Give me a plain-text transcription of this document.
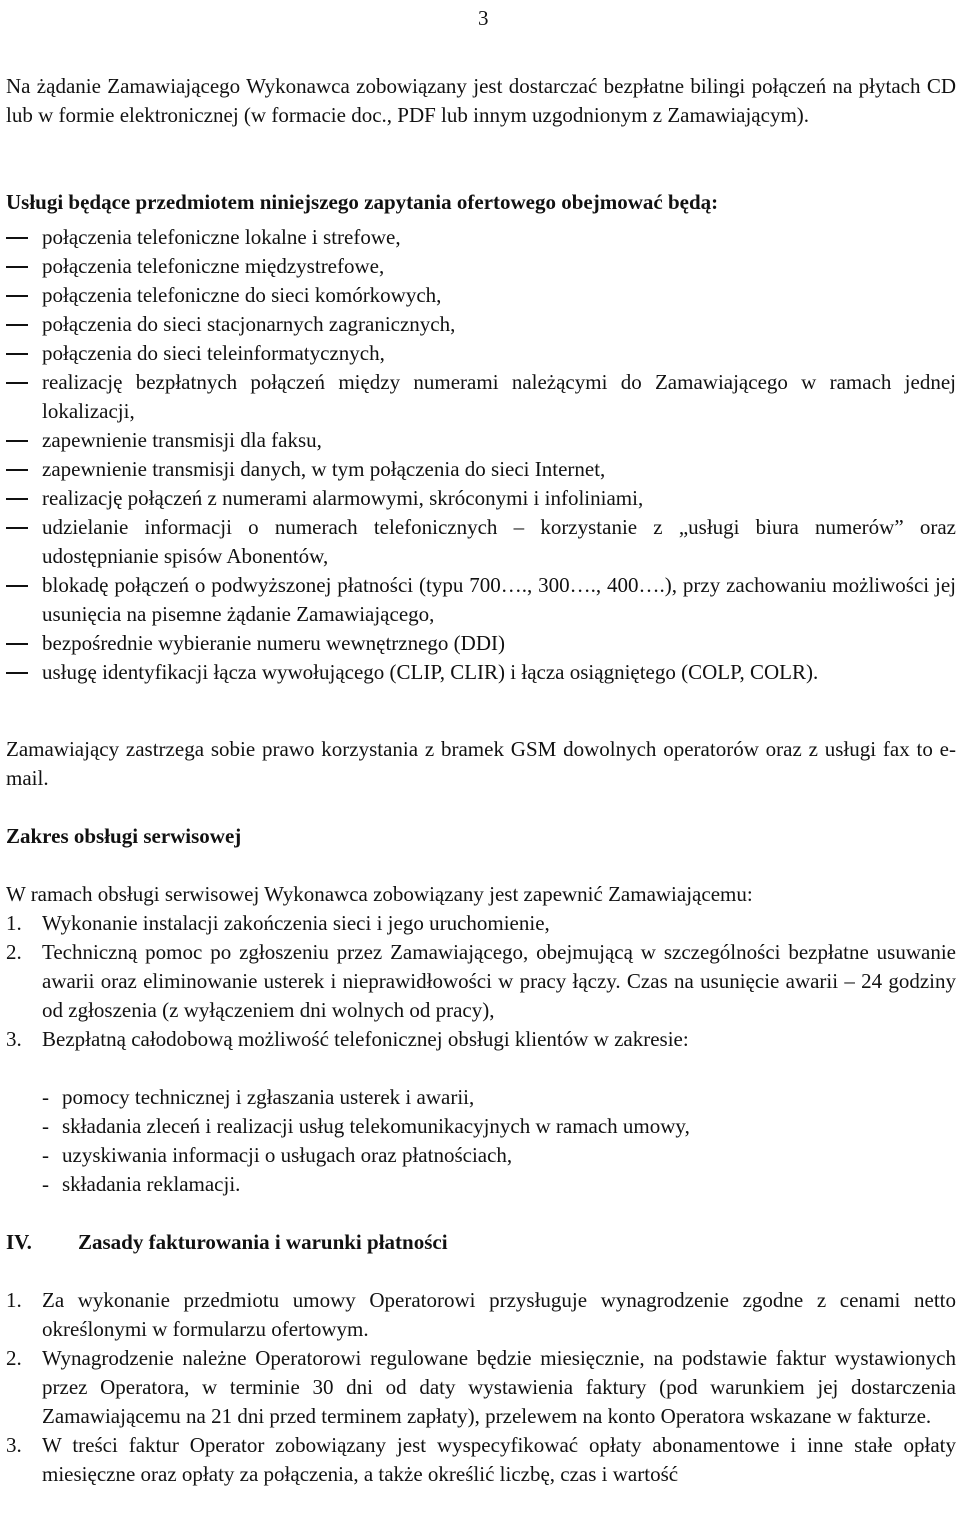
3

Na żądanie Zamawiającego Wykonawca zobowiązany jest dostarczać bezpłatne bilingi połączeń na płytach CD lub w formie elektronicznej (w formacie doc., PDF lub innym uzgodnionym z Zamawiającym).

Usługi będące przedmiotem niniejszego zapytania ofertowego obejmować będą:

połączenia telefoniczne lokalne i strefowe,
połączenia telefoniczne międzystrefowe,
połączenia telefoniczne do sieci komórkowych,
połączenia do sieci stacjonarnych zagranicznych,
połączenia do sieci teleinformatycznych,
realizację bezpłatnych połączeń między numerami należącymi do Zamawiającego w ramach jednej lokalizacji,
zapewnienie transmisji dla faksu,
zapewnienie transmisji danych, w tym połączenia do sieci Internet,
realizację połączeń z numerami alarmowymi, skróconymi i infoliniami,
udzielanie informacji o numerach telefonicznych – korzystanie z „usługi biura numerów” oraz udostępnianie spisów Abonentów,
blokadę połączeń o podwyższonej płatności (typu 700…., 300…., 400….), przy zachowaniu możliwości jej usunięcia na pisemne żądanie Zamawiającego,
bezpośrednie wybieranie numeru wewnętrznego (DDI)
usługę identyfikacji łącza wywołującego (CLIP, CLIR) i łącza osiągniętego (COLP, COLR).

Zamawiający zastrzega sobie prawo korzystania z bramek GSM dowolnych operatorów oraz z usługi fax to e-mail.

Zakres obsługi serwisowej

W ramach obsługi serwisowej Wykonawca zobowiązany jest zapewnić Zamawiającemu:

1. Wykonanie instalacji zakończenia sieci i jego uruchomienie,
2. Techniczną pomoc po zgłoszeniu przez Zamawiającego, obejmującą w szczególności bezpłatne usuwanie awarii oraz eliminowanie usterek i nieprawidłowości w pracy łączy. Czas na usunięcie awarii – 24 godziny od zgłoszenia (z wyłączeniem dni wolnych od pracy),
3. Bezpłatną całodobową możliwość telefonicznej obsługi klientów w zakresie:
- pomocy technicznej i zgłaszania usterek i awarii,
- składania zleceń i realizacji usług telekomunikacyjnych w ramach umowy,
- uzyskiwania informacji o usługach oraz płatnościach,
- składania reklamacji.
IV. Zasady fakturowania i warunki płatności
1. Za wykonanie przedmiotu umowy Operatorowi przysługuje wynagrodzenie zgodne z cenami netto określonymi w formularzu ofertowym.
2. Wynagrodzenie należne Operatorowi regulowane będzie miesięcznie, na podstawie faktur wystawionych przez Operatora, w terminie 30 dni od daty wystawienia faktury (pod warunkiem jej dostarczenia Zamawiającemu na 21 dni przed terminem zapłaty), przelewem na konto Operatora wskazane w fakturze.
3. W treści faktur Operator zobowiązany jest wyspecyfikować opłaty abonamentowe i inne stałe opłaty miesięczne oraz opłaty za połączenia, a także określić liczbę, czas i wartość
